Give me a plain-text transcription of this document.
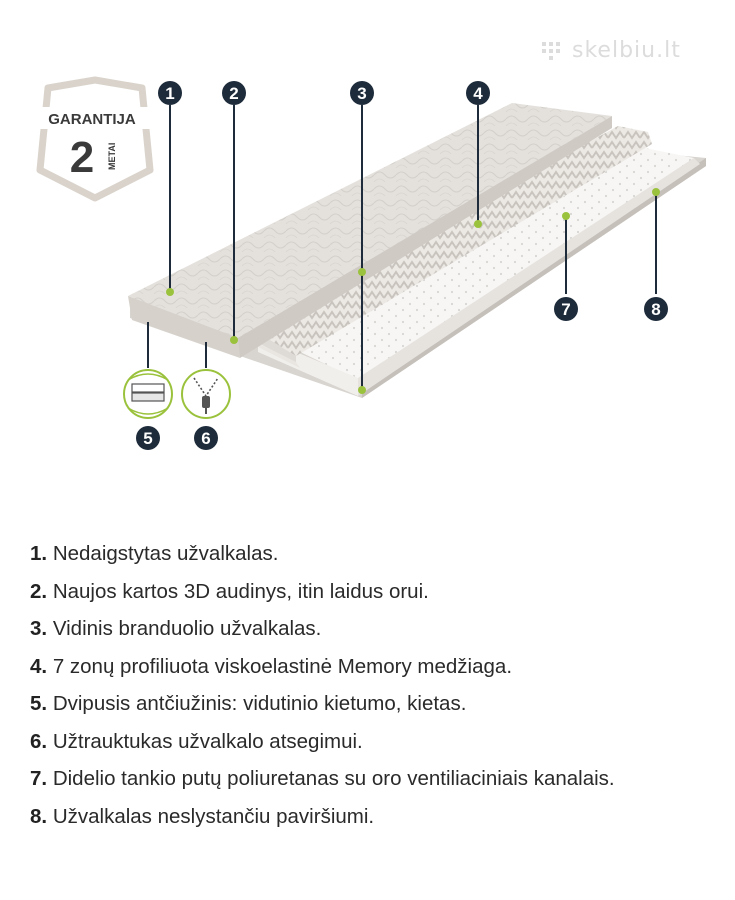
skelbiu.lt
GARANTIJA
2 METAI
1	2	3	4
5	6
7	8
1. Nedaigstytas užvalkalas.
2. Naujos kartos 3D audinys, itin laidus orui.
3. Vidinis branduolio užvalkalas.
4. 7 zonų profiliuota viskoelastinė Memory medžiaga.
5. Dvipusis antčiužinis: vidutinio kietumo, kietas.
6. Užtrauktukas užvalkalo atsegimui.
7. Didelio tankio putų poliuretanas su oro ventiliaciniais kanalais.
8. Užvalkalas neslystančiu paviršiumi.
